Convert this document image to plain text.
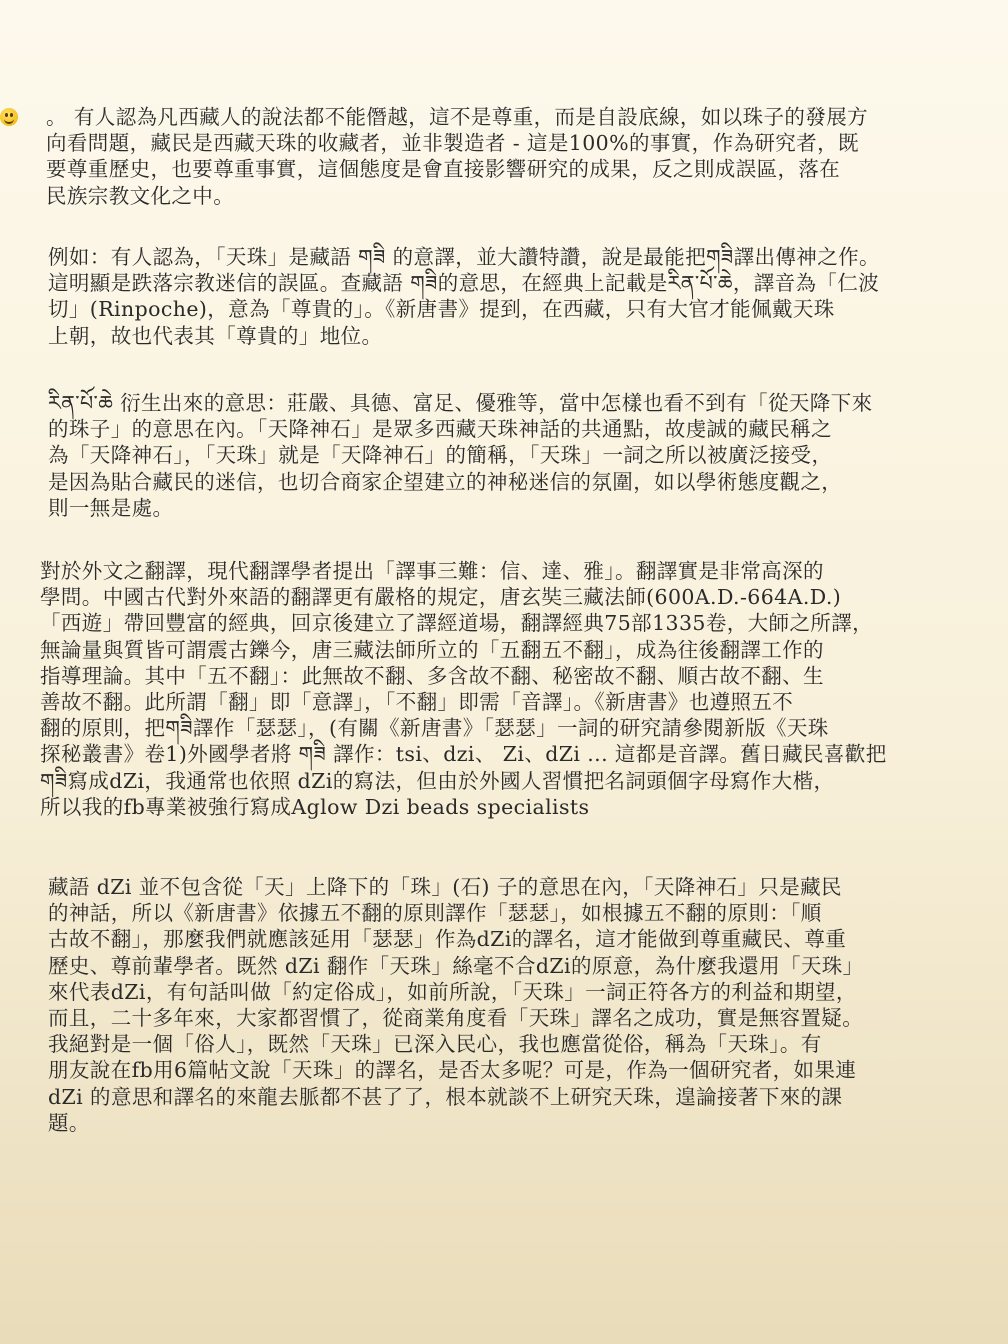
。 有人認為凡西藏人的說法都不能僭越，這不是尊重，而是自設底線，如以珠子的發展方
向看問題，藏民是西藏天珠的收藏者，並非製造者 - 這是100%的事實，作為研究者，既
要尊重歷史，也要尊重事實，這個態度是會直接影響研究的成果，反之則成誤區，落在
民族宗教文化之中。
例如：有人認為，「天珠」是藏語 གཟི 的意譯，並大讚特讚，說是最能把གཟི譯出傳神之作。
這明顯是跌落宗教迷信的誤區。查藏語 གཟི的意思，在經典上記載是རིན་པོ་ཆེ，譯音為「仁波
切」(Rinpoche)，意為「尊貴的」。《新唐書》提到，在西藏，只有大官才能佩戴天珠
上朝，故也代表其「尊貴的」地位。
རིན་པོ་ཆེ 衍生出來的意思：莊嚴、具德、富足、優雅等，當中怎樣也看不到有「從天降下來
的珠子」的意思在內。「天降神石」是眾多西藏天珠神話的共通點，故虔誠的藏民稱之
為「天降神石」，「天珠」就是「天降神石」的簡稱，「天珠」一詞之所以被廣泛接受，
是因為貼合藏民的迷信，也切合商家企望建立的神秘迷信的氛圍，如以學術態度觀之，
則一無是處。
對於外文之翻譯，現代翻譯學者提出「譯事三難：信、達、雅」。翻譯實是非常高深的
學問。中國古代對外來語的翻譯更有嚴格的規定，唐玄奘三藏法師(600A.D.-664A.D.)
「西遊」帶回豐富的經典，回京後建立了譯經道場，翻譯經典75部1335卷，大師之所譯，
無論量與質皆可謂震古鑠今，唐三藏法師所立的「五翻五不翻」，成為往後翻譯工作的
指導理論。其中「五不翻」：此無故不翻、多含故不翻、秘密故不翻、順古故不翻、生
善故不翻。此所謂「翻」即「意譯」，「不翻」即需「音譯」。《新唐書》也遵照五不
翻的原則，把གཟི譯作「瑟瑟」，(有關《新唐書》「瑟瑟」一詞的研究請參閱新版《天珠
探秘叢書》卷1)外國學者將 གཟི 譯作：tsi、dzi、 Zi、dZi ... 這都是音譯。舊日藏民喜歡把
གཟི寫成dZi，我通常也依照 dZi的寫法，但由於外國人習慣把名詞頭個字母寫作大楷，
所以我的fb專業被強行寫成Aglow Dzi beads specialists
藏語 dZi 並不包含從「天」上降下的「珠」(石) 子的意思在內，「天降神石」只是藏民
的神話，所以《新唐書》依據五不翻的原則譯作「瑟瑟」，如根據五不翻的原則：「順
古故不翻」，那麼我們就應該延用「瑟瑟」作為dZi的譯名，這才能做到尊重藏民、尊重
歷史、尊前輩學者。既然 dZi 翻作「天珠」絲毫不合dZi的原意，為什麼我還用「天珠」
來代表dZi，有句話叫做「約定俗成」，如前所說，「天珠」一詞正符各方的利益和期望，
而且，二十多年來，大家都習慣了，從商業角度看「天珠」譯名之成功，實是無容置疑。
我絕對是一個「俗人」，既然「天珠」已深入民心，我也應當從俗，稱為「天珠」。有
朋友說在fb用6篇帖文說「天珠」的譯名，是否太多呢？可是，作為一個研究者，如果連
dZi 的意思和譯名的來龍去脈都不甚了了，根本就談不上研究天珠，遑論接著下來的課
題。
